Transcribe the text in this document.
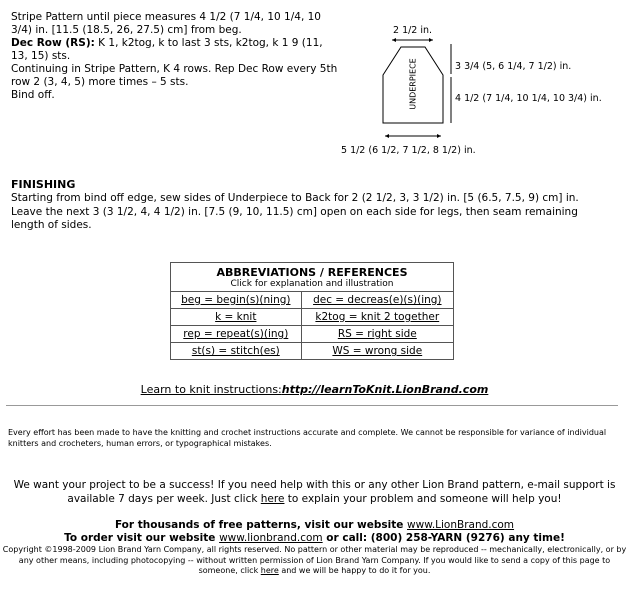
Stripe Pattern until piece measures 4 1/2 (7 1/4, 10 1/4, 10 3/4) in. [11.5 (18.5, 26, 27.5) cm] from beg.

Dec Row (RS): K 1, k2tog, k to last 3 sts, k2tog, k 1 9 (11, 13, 15) sts.

Continuing in Stripe Pattern, K 4 rows. Rep Dec Row every 5th row 2 (3, 4, 5) more times – 5 sts.

Bind off.

2 1/2 in.
3 3/4 (5, 6 1/4, 7 1/2) in.
4 1/2 (7 1/4, 10 1/4, 10 3/4) in.
5 1/2 (6 1/2, 7 1/2, 8 1/2) in.
UNDERPIECE
FINISHING
Starting from bind off edge, sew sides of Underpiece to Back for 2 (2 1/2, 3, 3 1/2) in. [5 (6.5, 7.5, 9) cm] in. Leave the next 3 (3 1/2, 4, 4 1/2) in. [7.5 (9, 10, 11.5) cm] open on each side for legs, then seam remaining length of sides.
ABBREVIATIONS / REFERENCES
Click for explanation and illustration	

beg = begin(s)(ning)	dec = decreas(e)(s)(ing)
k = knit	k2tog = knit 2 together
rep = repeat(s)(ing)	RS = right side
st(s) = stitch(es)	WS = wrong side
Learn to knit instructions:http://learnToKnit.LionBrand.com
Every effort has been made to have the knitting and crochet instructions accurate and complete. We cannot be responsible for variance of individual knitters and crocheters, human errors, or typographical mistakes.
We want your project to be a success! If you need help with this or any other Lion Brand pattern, e-mail support is available 7 days per week. Just click here to explain your problem and someone will help you!
For thousands of free patterns, visit our website www.LionBrand.com
To order visit our website www.lionbrand.com or call: (800) 258-YARN (9276) any time!
Copyright ©1998-2009 Lion Brand Yarn Company, all rights reserved. No pattern or other material may be reproduced -- mechanically, electronically, or by any other means, including photocopying -- without written permission of Lion Brand Yarn Company. If you would like to send a copy of this page to someone, click here and we will be happy to do it for you.
